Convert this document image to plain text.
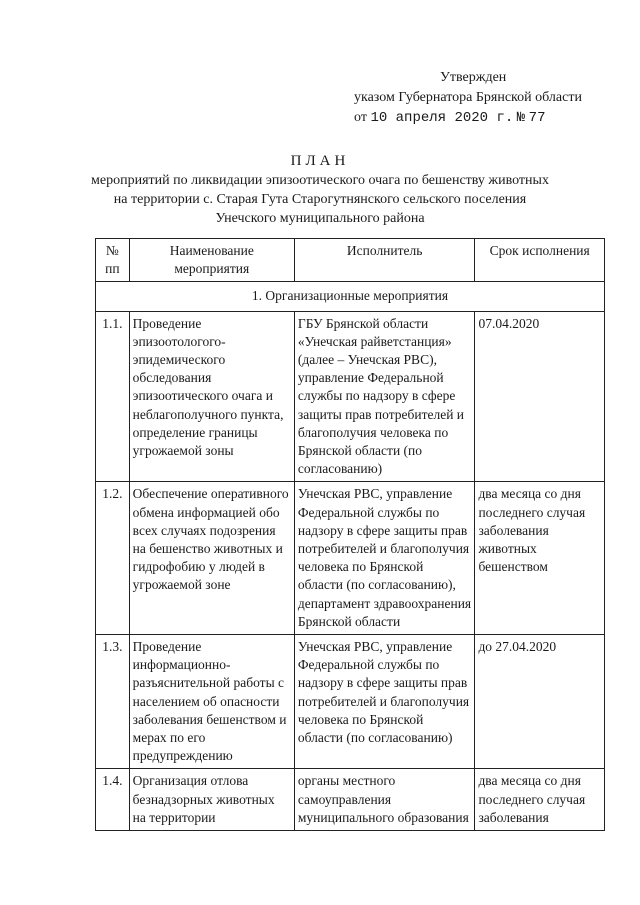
Утвержден
указом Губернатора Брянской области
от 10 апреля 2020 г. № 77
ПЛАН
мероприятий по ликвидации эпизоотического очага по бешенству животных
на территории с. Старая Гута Старогутнянского сельского поселения
Унечского муниципального района
№ пп	Наименование мероприятия	Исполнитель	Срок исполнения
1. Организационные мероприятия			
1.1.	Проведение эпизоотологого-эпидемического обследования эпизоотического очага и неблагополучного пункта, определение границы угрожаемой зоны	ГБУ Брянской области «Унечская райветстанция» (далее – Унечская РВС), управление Федеральной службы по надзору в сфере защиты прав потребителей и благополучия человека по Брянской области (по согласованию)	07.04.2020
1.2.	Обеспечение оперативного обмена информацией обо всех случаях подозрения на бешенство животных и гидрофобию у людей в угрожаемой зоне	Унечская РВС, управление Федеральной службы по надзору в сфере защиты прав потребителей и благополучия человека по Брянской области (по согласованию), департамент здравоохранения Брянской области	два месяца со дня последнего случая заболевания животных бешенством
1.3.	Проведение информационно-разъяснительной работы с населением об опасности заболевания бешенством и мерах по его предупреждению	Унечская РВС, управление Федеральной службы по надзору в сфере защиты прав потребителей и благополучия человека по Брянской области (по согласованию)	до 27.04.2020
1.4.	Организация отлова безнадзорных животных на территории	органы местного самоуправления муниципального образования	два месяца со дня последнего случая заболевания
